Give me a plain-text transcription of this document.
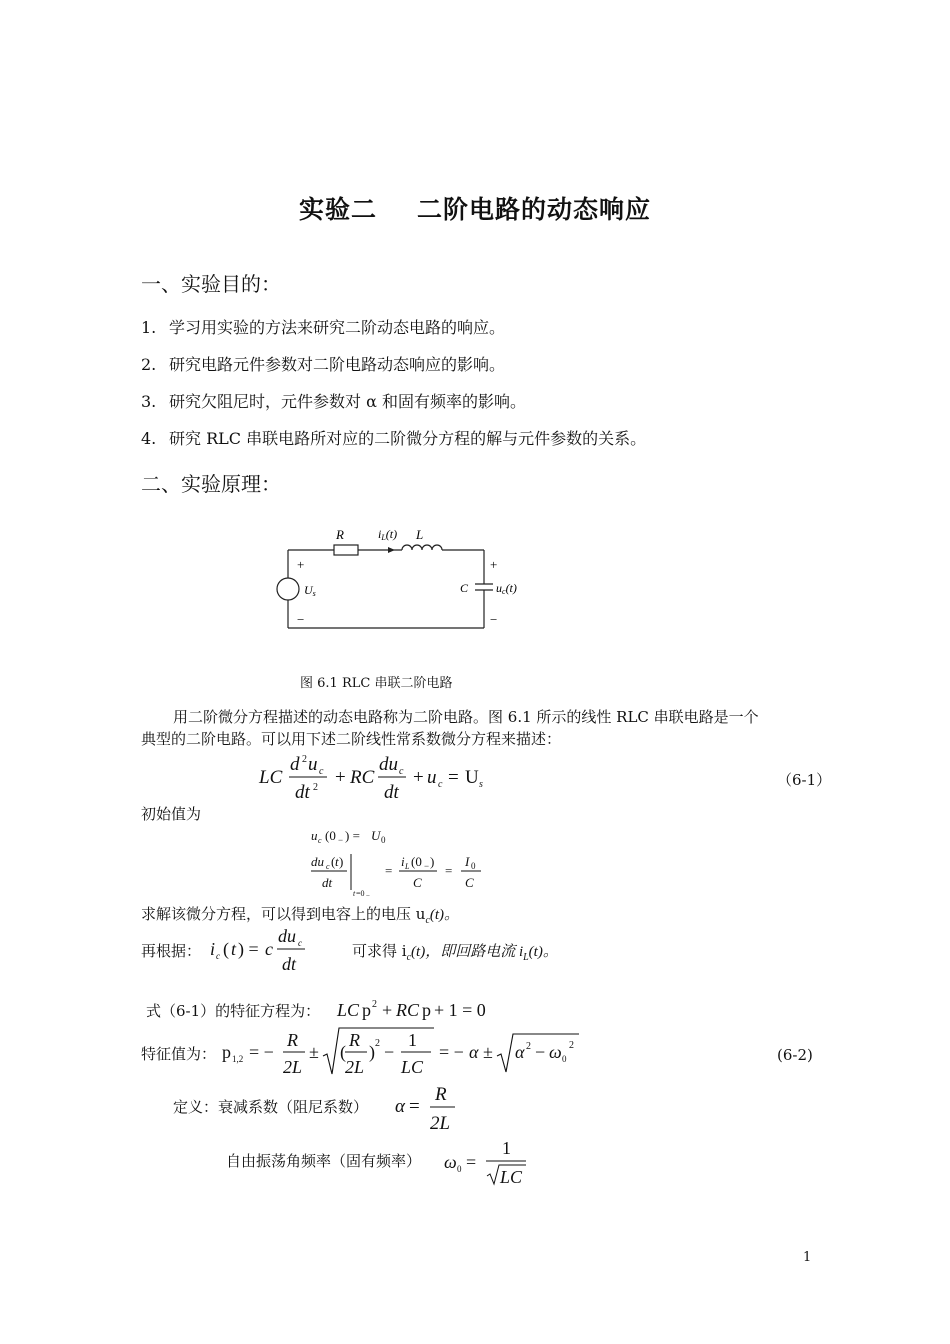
实验二 二阶电路的动态响应
一、实验目的：
1. 学习用实验的方法来研究二阶动态电路的响应。
2. 研究电路元件参数对二阶电路动态响应的影响。
3. 研究欠阻尼时，元件参数对 α 和固有频率的影响。
4. 研究 RLC 串联电路所对应的二阶微分方程的解与元件参数的关系。
二、实验原理：
R	iL(t) L
+
−
Us
+
−
C uc(t)
图 6.1 RLC 串联二阶电路
用二阶微分方程描述的动态电路称为二阶电路。图 6.1 所示的线性 RLC 串联电路是一个
典型的二阶电路。可以用下述二阶线性常系数微分方程来描述：
LC
d 2 u c
dt 2 + RC
du c
dt
+ u c = U s	（6-1）
初始值为
u c (0 − ) = U 0
du c ( t )
dt
t =0 −
=
i L (0 − )
C
=
I 0
C
求解该微分方程，可以得到电容上的电压 $u_c(t)$。
再根据： i c ( t ) = c
du c
dt
可求得 $i_c(t)$，即回路电流 $i_L(t)$。
式（6-1）的特征方程为： LC p 2 + RC p + 1 = 0
特征值为： p 1,2 = −
R
2L
± (
R
2L
) 2 −
1
LC
= − α ± α 2 − ω 0
2
(6-2)
定义：衰减系数（阻尼系数） α =
R
2L
自由振荡角频率（固有频率） ω 0 =
1
LC
1
